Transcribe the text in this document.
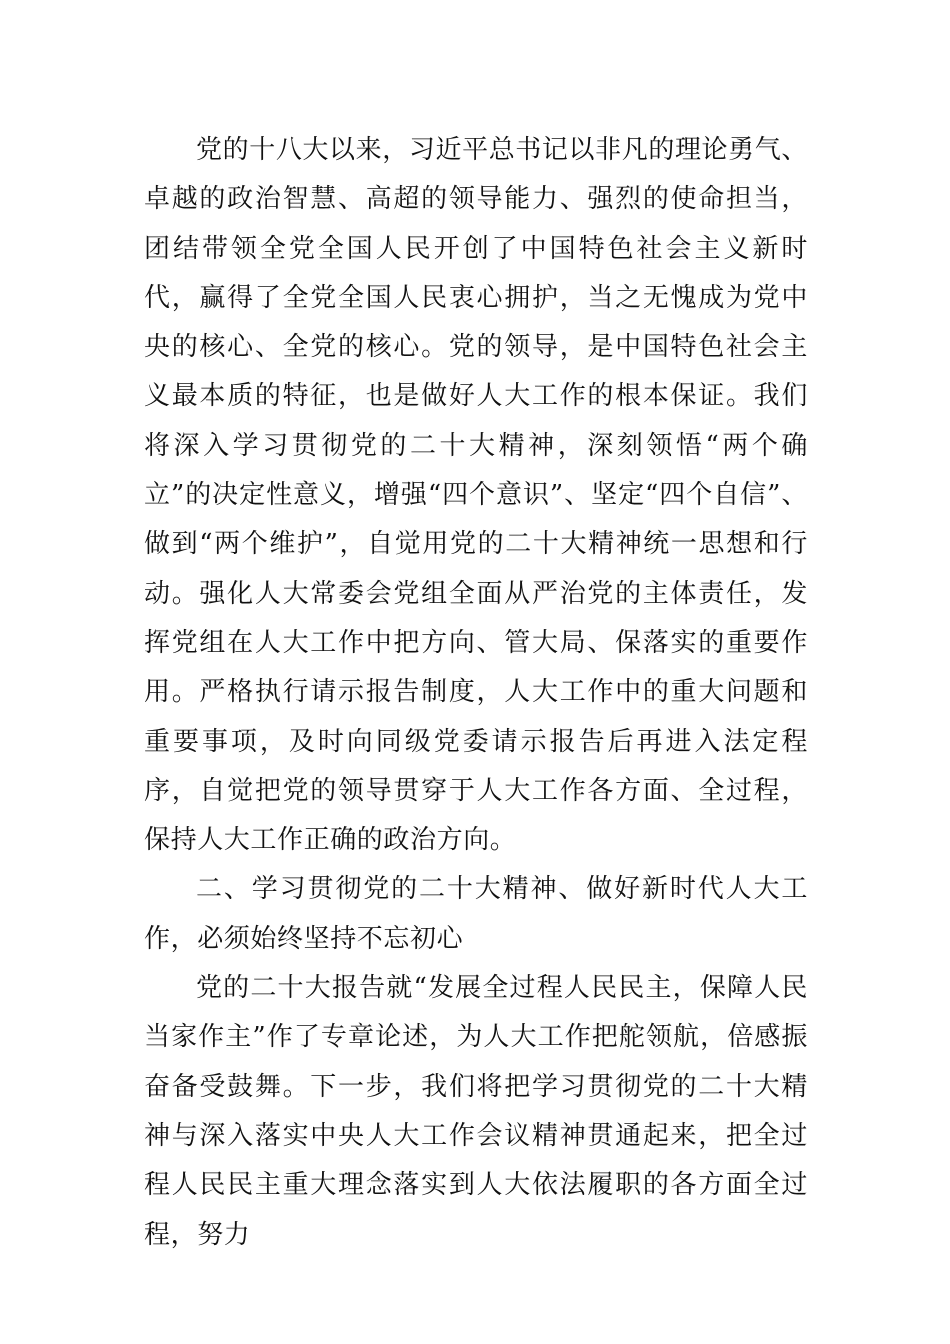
党的十八大以来，习近平总书记以非凡的理论勇气、卓越的政治智慧、高超的领导能力、强烈的使命担当，团结带领全党全国人民开创了中国特色社会主义新时代，赢得了全党全国人民衷心拥护，当之无愧成为党中央的核心、全党的核心。党的领导，是中国特色社会主义最本质的特征，也是做好人大工作的根本保证。我们将深入学习贯彻党的二十大精神，深刻领悟“两个确立”的决定性意义，增强“四个意识”、坚定“四个自信”、做到“两个维护”，自觉用党的二十大精神统一思想和行动。强化人大常委会党组全面从严治党的主体责任，发挥党组在人大工作中把方向、管大局、保落实的重要作用。严格执行请示报告制度，人大工作中的重大问题和重要事项，及时向同级党委请示报告后再进入法定程序，自觉把党的领导贯穿于人大工作各方面、全过程，保持人大工作正确的政治方向。

二、学习贯彻党的二十大精神、做好新时代人大工作，必须始终坚持不忘初心

党的二十大报告就“发展全过程人民民主，保障人民当家作主”作了专章论述，为人大工作把舵领航，倍感振奋备受鼓舞。下一步，我们将把学习贯彻党的二十大精神与深入落实中央人大工作会议精神贯通起来，把全过程人民民主重大理念落实到人大依法履职的各方面全过程，努力
